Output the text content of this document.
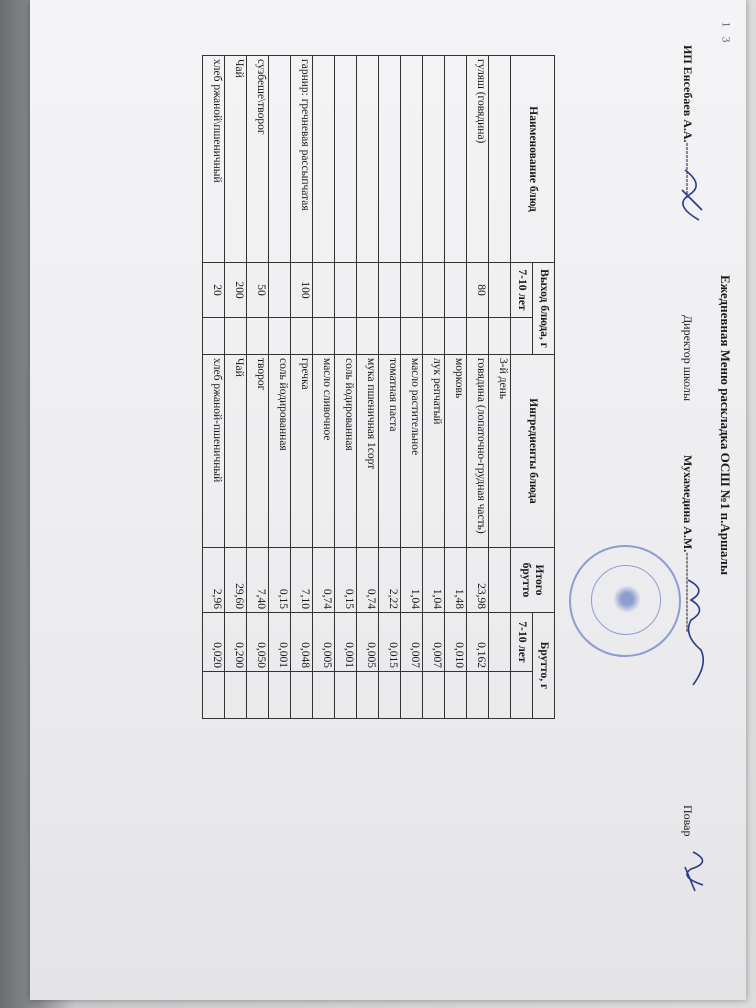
1 3
Ежедневная Меню раскладка ОСШ №1 п.Аршалы
ИП Енсебаев А.А.--------------
Директор школы
Мухамедина А.М.--------------------
Повар
Наименование блюд	Выход блюда, г		Ингредиенты блюда	Итого брутто	Брутто, г	
	7-10 лет				7-10 лет	
			3-й день			
гуляш (говядина)	80		говядина (лопаточно-грудная часть)	23,98	0,162	
			морковь	1,48	0,010	
			лук репчатый	1,04	0,007	
			масло растительное	1,04	0,007	
			томатная паста	2,22	0,015	
			мука пшеничная 1сорт	0,74	0,005	
			соль йодированная	0,15	0,001	
			масло сливочное	0,74	0,005	
гарнир: гречневая рассыпчатая	100		гречка	7,10	0,048	
			соль йодированная	0,15	0,001	
сузбеше\творог	50		творог	7,40	0,050	
Чай	200		Чай	29,60	0,200	
хлеб ржаной\пшеничный	20		хлеб ржаной-пшеничный	2,96	0,020	
